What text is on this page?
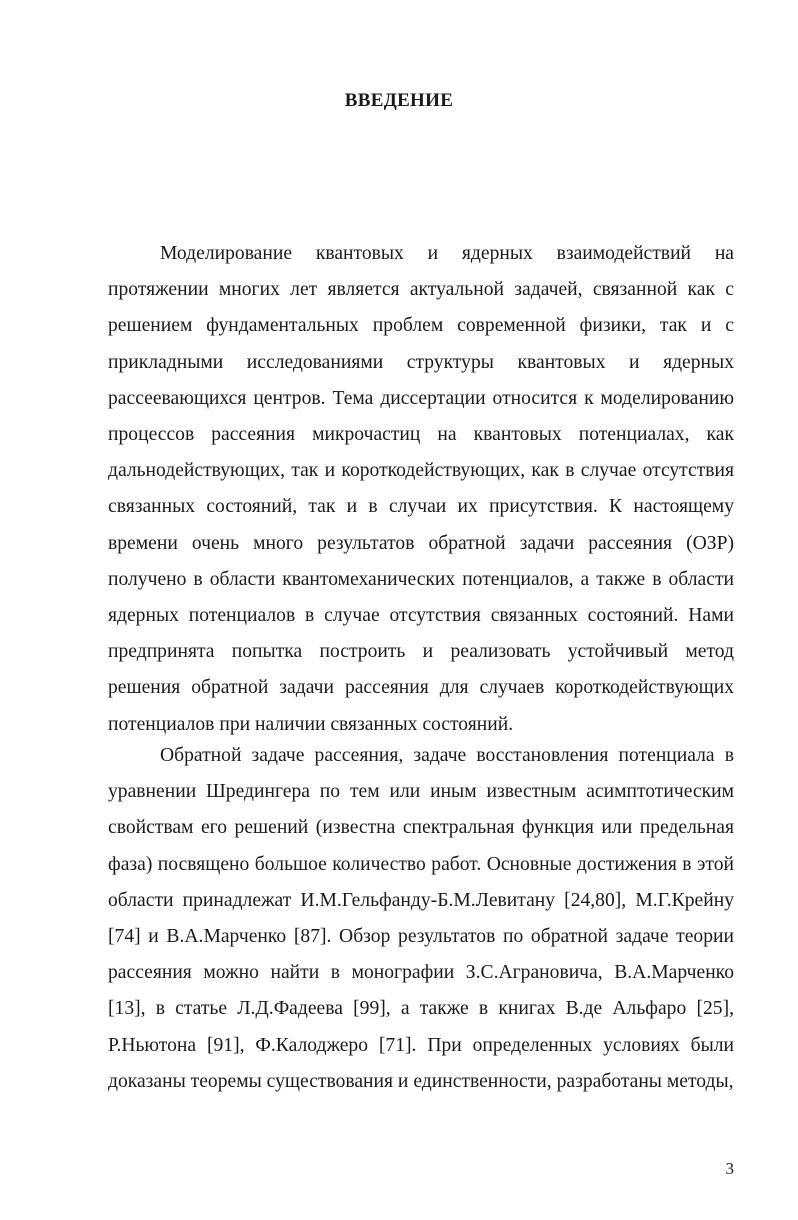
ВВЕДЕНИЕ

Моделирование квантовых и ядерных взаимодействий на протяжении многих лет является актуальной задачей, связанной как с решением фундаментальных проблем современной физики, так и с прикладными исследованиями структуры квантовых и ядерных рассеевающихся центров. Тема диссертации относится к моделированию процессов рассеяния микрочастиц на квантовых потенциалах, как дальнодействующих, так и короткодействующих, как в случае отсутствия связанных состояний, так и в случаи их присутствия. К настоящему времени очень много результатов обратной задачи рассеяния (ОЗР) получено в области квантомеханических потенциалов, а также в области ядерных потенциалов в случае отсутствия связанных состояний. Нами предпринята попытка построить и реализовать устойчивый метод решения обратной задачи рассеяния для случаев короткодействующих потенциалов при наличии связанных состояний.

Обратной задаче рассеяния, задаче восстановления потенциала в уравнении Шредингера по тем или иным известным асимптотическим свойствам его решений (известна спектральная функция или предельная фаза) посвящено большое количество работ. Основные достижения в этой области принадлежат И.М.Гельфанду-Б.М.Левитану [24,80], М.Г.Крейну [74] и В.А.Марченко [87]. Обзор результатов по обратной задаче теории рассеяния можно найти в монографии З.С.Аграновича, В.А.Марченко [13], в статье Л.Д.Фадеева [99], а также в книгах В.де Альфаро [25], Р.Ньютона [91], Ф.Калоджеро [71]. При определенных условиях были доказаны теоремы существования и единственности, разработаны методы,

3
